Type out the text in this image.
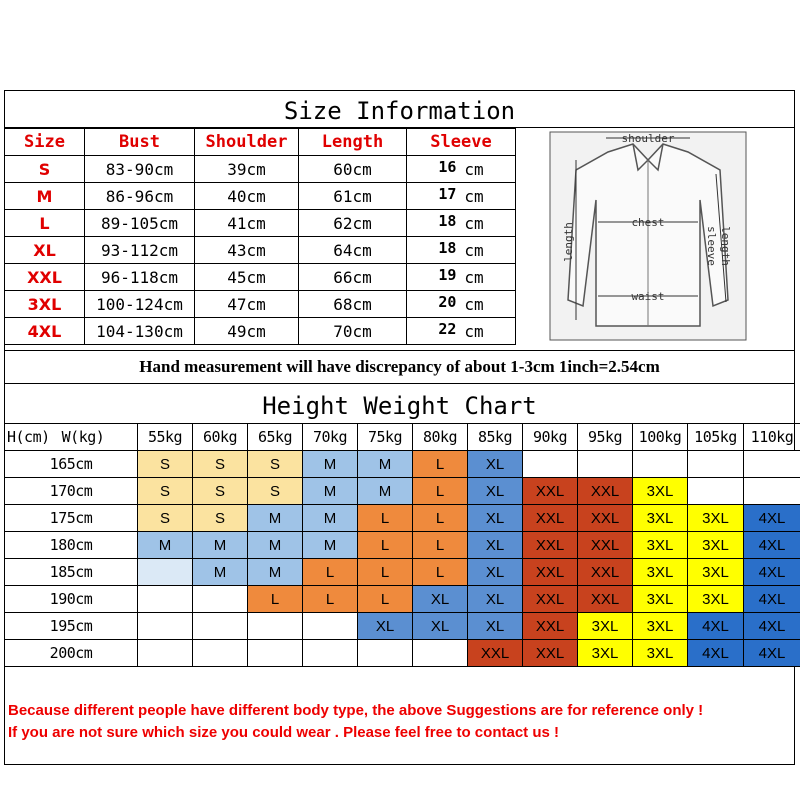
Size Information
Size	Bust	Shoulder	Length	Sleeve
S	83-90cm	39cm	60cm	16 cm
M	86-96cm	40cm	61cm	17 cm
L	89-105cm	41cm	62cm	18 cm
XL	93-112cm	43cm	64cm	18 cm
XXL	96-118cm	45cm	66cm	19 cm
3XL	100-124cm	47cm	68cm	20 cm
4XL	104-130cm	49cm	70cm	22 cm
shoulder
chest
waist
length	sleeve length
Hand measurement will have discrepancy of about 1-3cm 1inch=2.54cm
Height Weight Chart
H(cm) W(kg)	55kg	60kg	65kg	70kg	75kg	80kg	85kg	90kg	95kg	100kg	105kg	110kg
165cm	S	S	S	M	M	L	XL					
170cm	S	S	S	M	M	L	XL	XXL	XXL	3XL		
175cm	S	S	M	M	L	L	XL	XXL	XXL	3XL	3XL	4XL
180cm	M	M	M	M	L	L	XL	XXL	XXL	3XL	3XL	4XL
185cm		M	M	L	L	L	XL	XXL	XXL	3XL	3XL	4XL
190cm			L	L	L	XL	XL	XXL	XXL	3XL	3XL	4XL
195cm					XL	XL	XL	XXL	3XL	3XL	4XL	4XL
200cm							XXL	XXL	3XL	3XL	4XL	4XL
Because different people have different body type, the above Suggestions are for reference only !
If you are not sure which size you could wear . Please feel free to contact us !
